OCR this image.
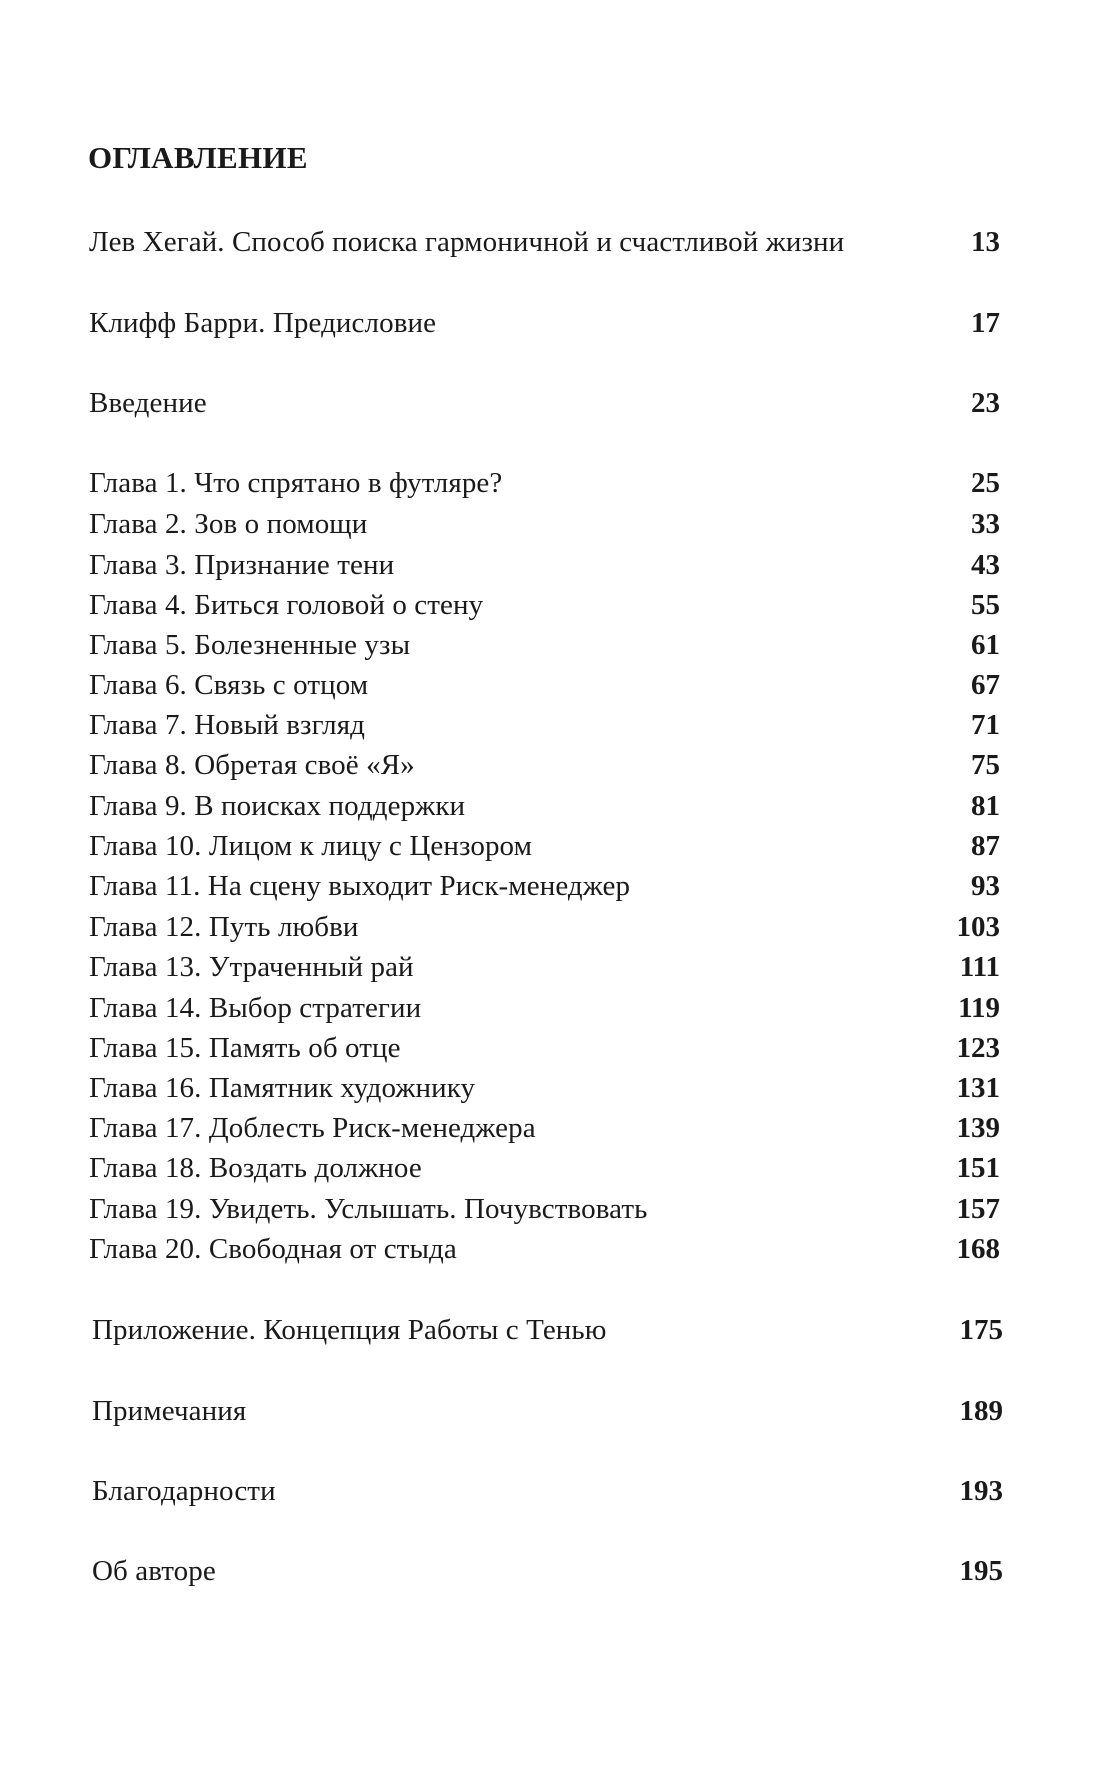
ОГЛАВЛЕНИЕ
Лев Хегай. Способ поиска гармоничной и счастливой жизни	13
Клифф Барри. Предисловие	17
Введение	23
Глава 1. Что спрятано в футляре?	25
Глава 2. Зов о помощи	33
Глава 3. Признание тени	43
Глава 4. Биться головой о стену	55
Глава 5. Болезненные узы	61
Глава 6. Связь с отцом	67
Глава 7. Новый взгляд	71
Глава 8. Обретая своё «Я»	75
Глава 9. В поисках поддержки	81
Глава 10. Лицом к лицу с Цензором	87
Глава 11. На сцену выходит Риск-менеджер	93
Глава 12. Путь любви	103
Глава 13. Утраченный рай	111
Глава 14. Выбор стратегии	119
Глава 15. Память об отце	123
Глава 16. Памятник художнику	131
Глава 17. Доблесть Риск-менеджера	139
Глава 18. Воздать должное	151
Глава 19. Увидеть. Услышать. Почувствовать	157
Глава 20. Свободная от стыда	168
Приложение. Концепция Работы с Тенью	175
Примечания	189
Благодарности	193
Об авторе	195
